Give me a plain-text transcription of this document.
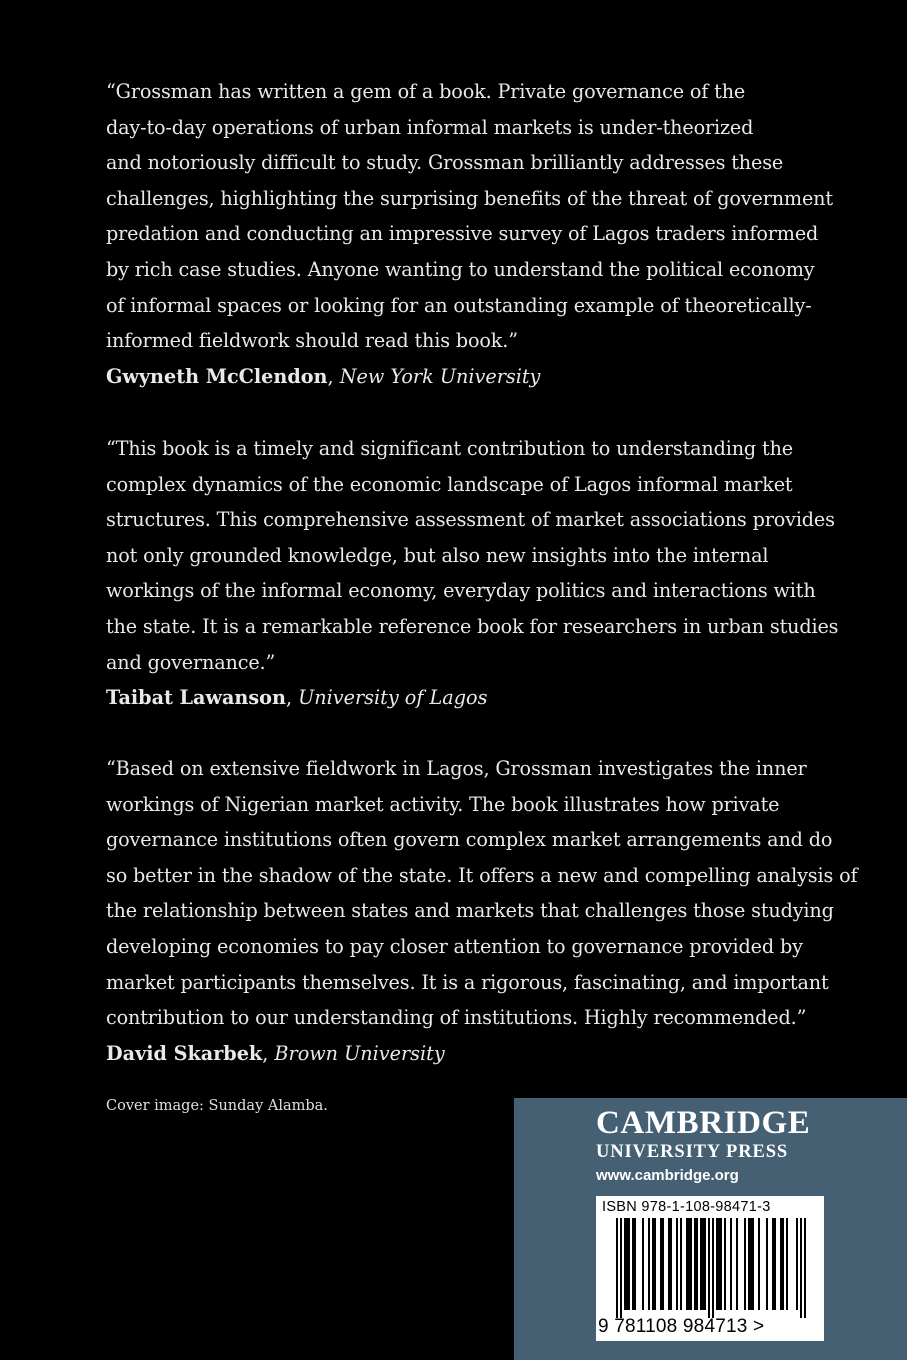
“Grossman has written a gem of a book. Private governance of the
day-to-day operations of urban informal markets is under-theorized
and notoriously difficult to study. Grossman brilliantly addresses these
challenges, highlighting the surprising benefits of the threat of government
predation and conducting an impressive survey of Lagos traders informed
by rich case studies. Anyone wanting to understand the political economy
of informal spaces or looking for an outstanding example of theoretically-
informed fieldwork should read this book.”

Gwyneth McClendon, New York University

“This book is a timely and significant contribution to understanding the
complex dynamics of the economic landscape of Lagos informal market
structures. This comprehensive assessment of market associations provides
not only grounded knowledge, but also new insights into the internal
workings of the informal economy, everyday politics and interactions with
the state. It is a remarkable reference book for researchers in urban studies
and governance.”

Taibat Lawanson, University of Lagos

“Based on extensive fieldwork in Lagos, Grossman investigates the inner
workings of Nigerian market activity. The book illustrates how private
governance institutions often govern complex market arrangements and do
so better in the shadow of the state. It offers a new and compelling analysis of
the relationship between states and markets that challenges those studying
developing economies to pay closer attention to governance provided by
market participants themselves. It is a rigorous, fascinating, and important
contribution to our understanding of institutions. Highly recommended.”

David Skarbek, Brown University
Cover image: Sunday Alamba.	CAMBRIDGE
UNIVERSITY PRESS
www.cambridge.org
ISBN 978-1-108-98471-3
9 781108 984713 >
